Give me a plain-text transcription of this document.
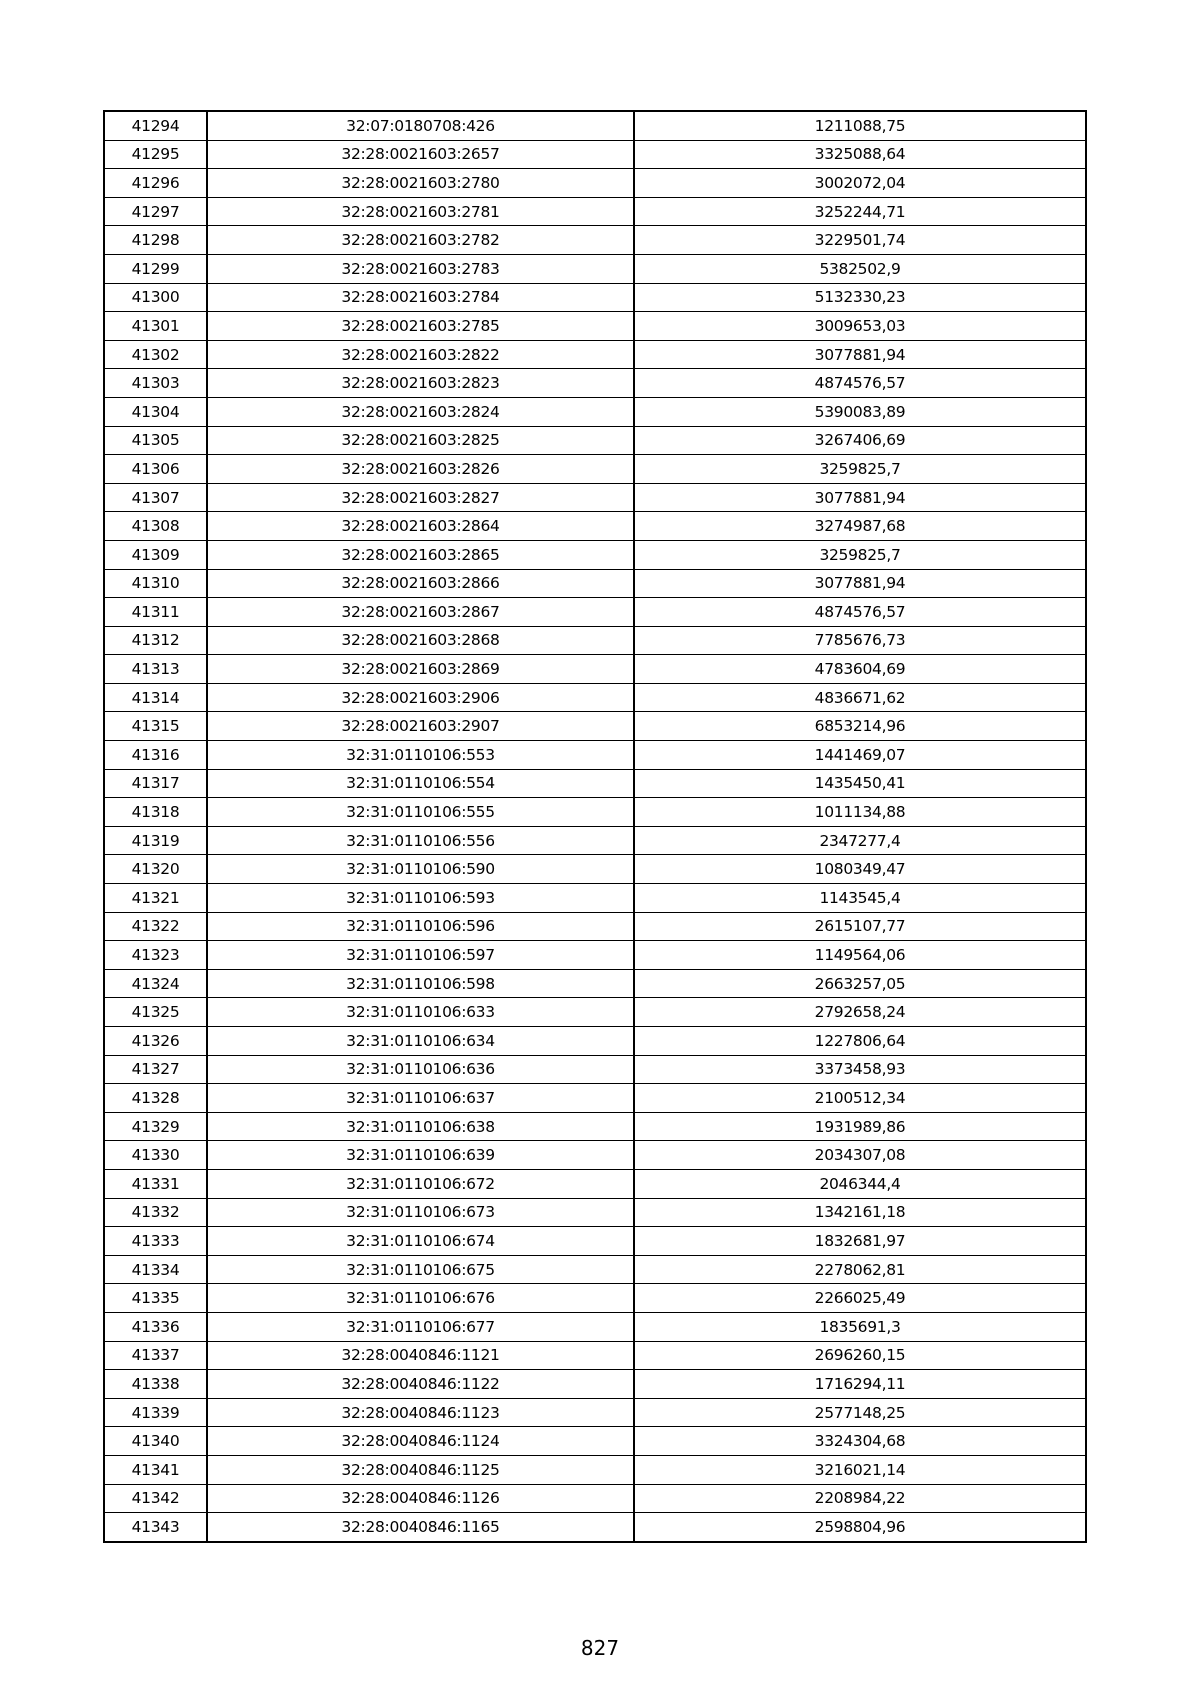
41294	32:07:0180708:426	1211088,75
41295	32:28:0021603:2657	3325088,64
41296	32:28:0021603:2780	3002072,04
41297	32:28:0021603:2781	3252244,71
41298	32:28:0021603:2782	3229501,74
41299	32:28:0021603:2783	5382502,9
41300	32:28:0021603:2784	5132330,23
41301	32:28:0021603:2785	3009653,03
41302	32:28:0021603:2822	3077881,94
41303	32:28:0021603:2823	4874576,57
41304	32:28:0021603:2824	5390083,89
41305	32:28:0021603:2825	3267406,69
41306	32:28:0021603:2826	3259825,7
41307	32:28:0021603:2827	3077881,94
41308	32:28:0021603:2864	3274987,68
41309	32:28:0021603:2865	3259825,7
41310	32:28:0021603:2866	3077881,94
41311	32:28:0021603:2867	4874576,57
41312	32:28:0021603:2868	7785676,73
41313	32:28:0021603:2869	4783604,69
41314	32:28:0021603:2906	4836671,62
41315	32:28:0021603:2907	6853214,96
41316	32:31:0110106:553	1441469,07
41317	32:31:0110106:554	1435450,41
41318	32:31:0110106:555	1011134,88
41319	32:31:0110106:556	2347277,4
41320	32:31:0110106:590	1080349,47
41321	32:31:0110106:593	1143545,4
41322	32:31:0110106:596	2615107,77
41323	32:31:0110106:597	1149564,06
41324	32:31:0110106:598	2663257,05
41325	32:31:0110106:633	2792658,24
41326	32:31:0110106:634	1227806,64
41327	32:31:0110106:636	3373458,93
41328	32:31:0110106:637	2100512,34
41329	32:31:0110106:638	1931989,86
41330	32:31:0110106:639	2034307,08
41331	32:31:0110106:672	2046344,4
41332	32:31:0110106:673	1342161,18
41333	32:31:0110106:674	1832681,97
41334	32:31:0110106:675	2278062,81
41335	32:31:0110106:676	2266025,49
41336	32:31:0110106:677	1835691,3
41337	32:28:0040846:1121	2696260,15
41338	32:28:0040846:1122	1716294,11
41339	32:28:0040846:1123	2577148,25
41340	32:28:0040846:1124	3324304,68
41341	32:28:0040846:1125	3216021,14
41342	32:28:0040846:1126	2208984,22
41343	32:28:0040846:1165	2598804,96
827
